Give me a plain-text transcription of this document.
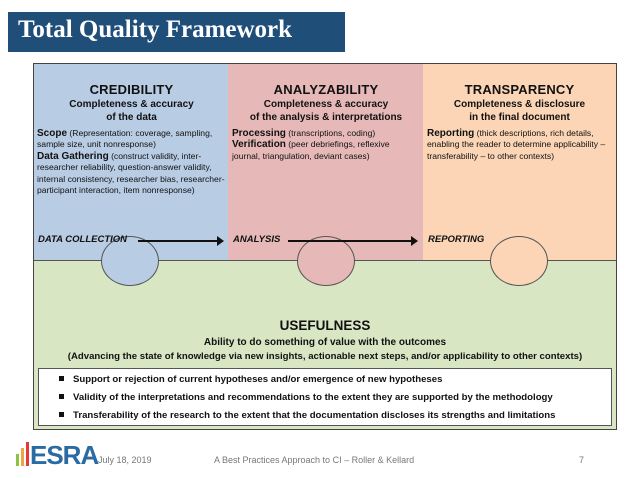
Total Quality Framework
CREDIBILITY
Completeness & accuracy
of the data
Scope (Representation: coverage, sampling, sample size, unit nonresponse)
Data Gathering (construct validity, inter-researcher reliability, question-answer validity, internal consistency, researcher bias, researcher-participant interaction, item nonresponse)
ANALYZABILITY
Completeness & accuracy
of the analysis & interpretations
Processing (transcriptions, coding)
Verification (peer debriefings, reflexive journal, triangulation, deviant cases)
TRANSPARENCY
Completeness & disclosure
in the final document
Reporting (thick descriptions, rich details, enabling the reader to determine applicability – transferability – to other contexts)
DATA COLLECTION	ANALYSIS	REPORTING
USEFULNESS
Ability to do something of value with the outcomes
(Advancing the state of knowledge via new insights, actionable next steps, and/or applicability to other contexts)
Support or rejection of current hypotheses and/or emergence of new hypotheses
Validity of the interpretations and recommendations to the extent they are supported by the methodology
Transferability of the research to the extent that the documentation discloses its strengths and limitations
ESRA July 18, 2019	A Best Practices Approach to CI – Roller & Kellard	7
